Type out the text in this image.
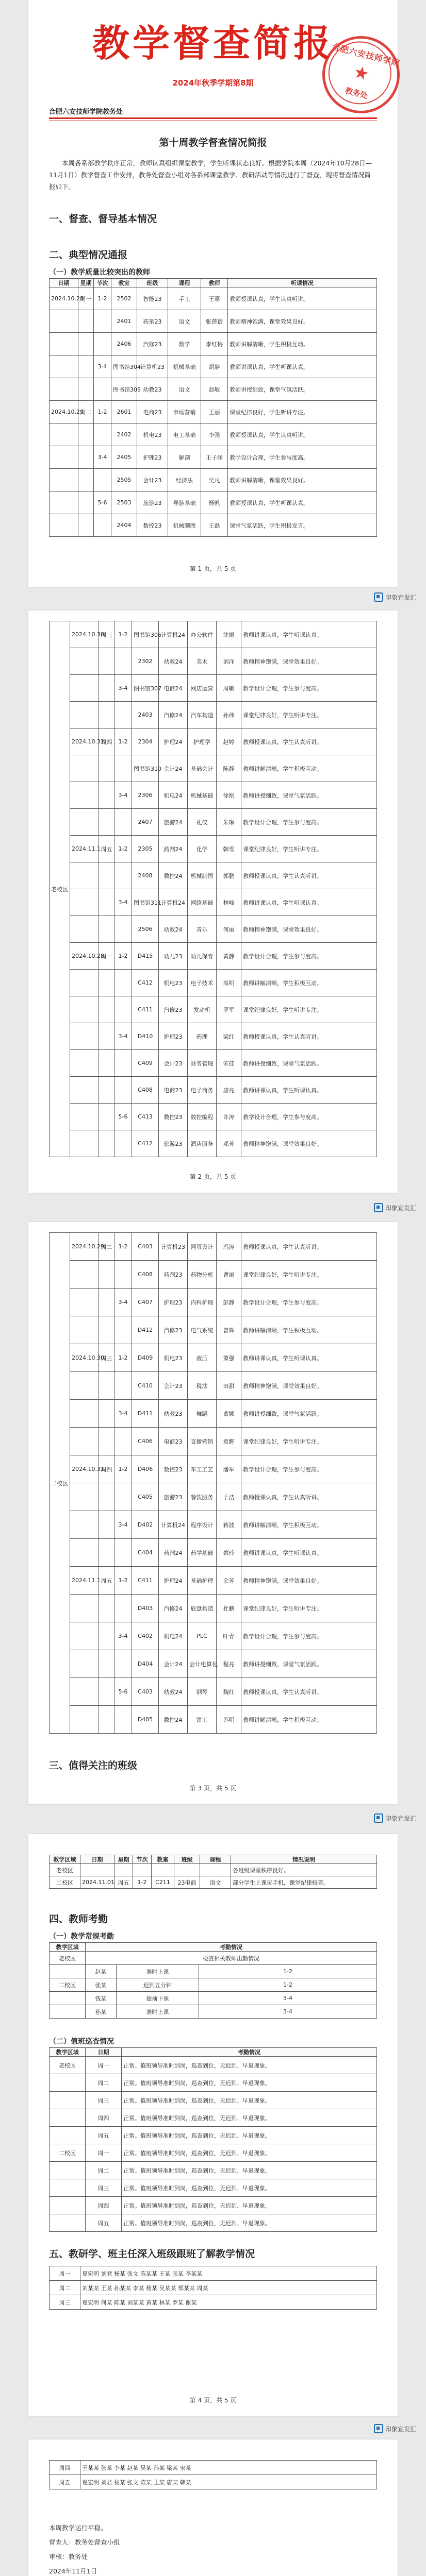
教学督查简报
合肥六安技师学院
★
教务处
2024年秋季学期第8期
合肥六安技师学院教务处
第十周教学督查情况简报
本周各系部教学秩序正常，教师认真组织课堂教学，学生听课状态良好。根据学院本周（2024年10月28日—11月1日）教学督查工作安排，教务处督查小组对各系部课堂教学、教研活动等情况进行了督查，现将督查情况简报如下。
一、督查、督导基本情况
二、典型情况通报
（一）教学质量比较突出的教师
日期	星期	节次	教室	班级	课程	教师	听课情况
2024.10.28	周一	1-2	2502	智能23	手工	王嘉	教师授课认真，学生认真听讲。
			2401	药剂23	语文	张蓓蓓	教师精神饱满，课堂效果良好。
			2406	汽修23	数学	李红梅	教师讲解清晰，学生积极互动。
		3-4	图书馆304	计算机23	机械基础	胡静	教师讲课认真，学生听课认真。
			图书馆305	幼教23	语文	赵敏	教师讲授细致，课堂气氛活跃。
2024.10.29	周二	1-2	2601	电商23	市场营销	王丽	课堂纪律良好，学生听讲专注。
			2402	机电23	电工基础	李强	教师授课认真，学生认真听讲。
		3-4	2405	护理23	解剖	王子涵	教学设计合理，学生参与度高。
			2505	会计23	经济法	吴凡	教师讲解清晰，课堂效果良好。
		5-6	2503	旅游23	导游基础	杨帆	教师授课认真，学生听课认真。
			2404	数控23	机械制图	王磊	课堂气氛活跃，学生积极发言。
第 1 页，共 5 页
印象宣发汇
老校区	2024.10.30	周三	1-2	图书馆306	计算机24	办公软件	沈丽	教师讲课认真，学生听课认真。
				2302	幼教24	美术	刘洋	教师精神饱满，课堂效果良好。
			3-4	图书馆307	电商24	网店运营	周敏	教学设计合理，学生参与度高。
				2403	汽修24	汽车构造	孙伟	课堂纪律良好，学生听讲专注。
	2024.10.31	周四	1-2	2304	护理24	护理学	赵婷	教师授课认真，学生认真听讲。
				图书馆310	会计24	基础会计	陈静	教师讲解清晰，学生积极互动。
			3-4	2306	机电24	机械基础	徐刚	教师讲授细致，课堂气氛活跃。
				2407	旅游24	礼仪	朱琳	教学设计合理，学生参与度高。
	2024.11.1	周五	1-2	2305	药剂24	化学	韩雪	课堂纪律良好，学生听讲专注。
				2408	数控24	机械制图	郭鹏	教师授课认真，学生认真听讲。
			3-4	图书馆311	计算机24	网络基础	林峰	教师讲课认真，学生听课认真。
				2506	幼教24	音乐	何丽	教师精神饱满，课堂效果良好。
	2024.10.28	周一	1-2	D415	幼儿23	幼儿保育	黄静	教学设计合理，学生参与度高。
				C412	机电23	电子技术	高明	教师讲解清晰，学生积极互动。
				C411	汽修23	发动机	罗军	课堂纪律良好，学生听讲专注。
			3-4	D410	护理23	药理	梁红	教师授课认真，学生认真听讲。
				C409	会计23	财务管理	宋佳	教师讲授细致，课堂气氛活跃。
				C408	电商23	电子商务	唐亮	教师讲课认真，学生听课认真。
			5-6	C413	数控23	数控编程	许涛	教学设计合理，学生参与度高。
				C412	旅游23	酒店服务	邓芳	教师精神饱满，课堂效果良好。
第 2 页，共 5 页
印象宣发汇
二校区	2024.10.29	周二	1-2	C403	计算机23	网页设计	冯涛	教师授课认真，学生认真听讲。
				C408	药剂23	药物分析	曹丽	课堂纪律良好，学生听讲专注。
			3-4	C407	护理23	内科护理	彭静	教学设计合理，学生参与度高。
				D412	汽修23	电气系统	曾辉	教师讲解清晰，学生积极互动。
	2024.10.30	周三	1-2	D409	机电23	液压	萧强	教师讲课认真，学生听课认真。
				C410	会计23	税法	田甜	教师精神饱满，课堂效果良好。
			3-4	D411	幼教23	舞蹈	董娜	教师讲授细致，课堂气氛活跃。
				C406	电商23	直播营销	袁野	课堂纪律良好，学生听讲专注。
	2024.10.31	周四	1-2	D406	数控23	车工工艺	潘军	教学设计合理，学生参与度高。
				C405	旅游23	餐饮服务	于洁	教师授课认真，学生认真听讲。
			3-4	D402	计算机24	程序设计	蒋波	教师讲解清晰，学生积极互动。
				C404	药剂24	药学基础	蔡玲	教师讲课认真，学生听课认真。
	2024.11.1	周五	1-2	C411	护理24	基础护理	余芳	教师精神饱满，课堂效果良好。
				D403	汽修24	底盘构造	杜鹏	课堂纪律良好，学生听讲专注。
			3-4	C402	机电24	PLC	叶青	教学设计合理，学生参与度高。
				D404	会计24	会计电算化	程亮	教师讲授细致，课堂气氛活跃。
			5-6	C403	幼教24	钢琴	魏红	教师授课认真，学生认真听讲。
				D405	数控24	钳工	苏明	教师讲解清晰，学生积极互动。
三、值得关注的班级
第 3 页，共 5 页
印象宣发汇
教学区域	日期	星期	节次	教室	班级	课程	情况说明
老校区							各班级课堂秩序良好。
二校区	2024.11.01	周五	1-2	C211	23电商	语文	部分学生上课玩手机，课堂纪律较差。
四、教师考勤
（一）教学常规考勤
教学区域	考勤情况		
老校区	检查相关教师出勤情况		
	赵某	准时上课	1-2
二校区	张某	迟到五分钟	1-2
	钱某	提前下课	3-4
	孙某	准时上课	3-4
（二）值班巡查情况
教学区域	日期	考勤情况
老校区	周一	正常。值班领导准时到岗，巡查到位，无迟到、早退现象。
	周二	正常。值班领导准时到岗，巡查到位，无迟到、早退现象。
	周三	正常。值班领导准时到岗，巡查到位，无迟到、早退现象。
	周四	正常。值班领导准时到岗，巡查到位，无迟到、早退现象。
	周五	正常。值班领导准时到岗，巡查到位，无迟到、早退现象。
二校区	周一	正常。值班领导准时到岗，巡查到位，无迟到、早退现象。
	周二	正常。值班领导准时到岗，巡查到位，无迟到、早退现象。
	周三	正常。值班领导准时到岗，巡查到位，无迟到、早退现象。
	周四	正常。值班领导准时到岗，巡查到位，无迟到、早退现象。
	周五	正常。值班领导准时到岗，巡查到位，无迟到、早退现象。
五、教研学、班主任深入班级跟班了解教学情况
周一	夏宏明 刘君 杨某 张文 陈某某 王某 张某 李某某
周二	刘某某 王某 孙某某 李某 杨某 吴某某 郑某某 周某
周三	夏宏明 何某 陈某 刘某某 黄某 林某 罗某 谢某
第 4 页，共 5 页
印象宣发汇
周四	王某某 张某 李某 赵某 吴某 孙某 梁某 宋某
周五	夏宏明 刘君 杨某 张文 陈某 王某 唐某 韩某
本周教学运行平稳。
督查人：教务处督查小组
审核：教务处
2024年11月1日
